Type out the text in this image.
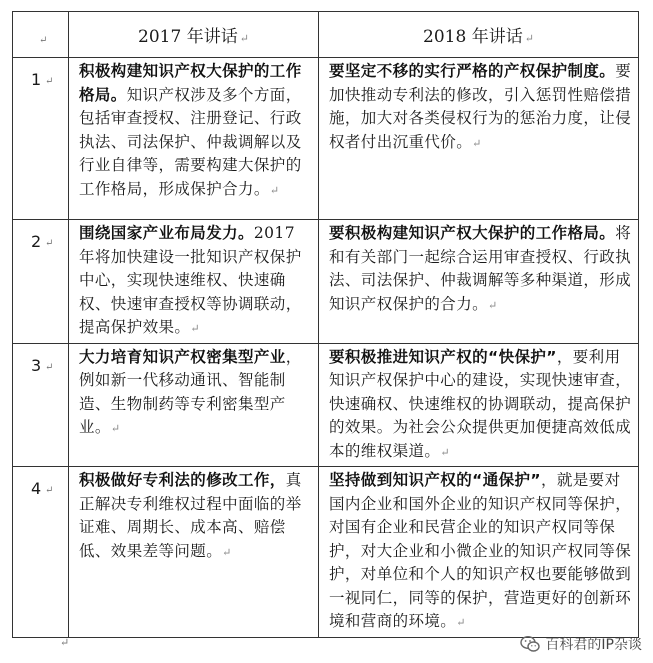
↵	2017 年讲话 ↵	2018 年讲话 ↵

1 ↵	积极构建知识产权大保护的工作格局。知识产权涉及多个方面，包括审查授权、注册登记、行政执法、司法保护、仲裁调解以及行业自律等，需要构建大保护的工作格局，形成保护合力。↵	要坚定不移的实行严格的产权保护制度。要加快推动专利法的修改，引入惩罚性赔偿措施，加大对各类侵权行为的惩治力度，让侵权者付出沉重代价。↵

2 ↵	围绕国家产业布局发力。2017 年将加快建设一批知识产权保护中心，实现快速维权、快速确权、快速审查授权等协调联动，提高保护效果。↵	要积极构建知识产权大保护的工作格局。将和有关部门一起综合运用审查授权、行政执法、司法保护、仲裁调解等多种渠道，形成知识产权保护的合力。↵

3 ↵	大力培育知识产权密集型产业，例如新一代移动通讯、智能制造、生物制药等专利密集型产业。↵	要积极推进知识产权的“快保护”，要利用知识产权保护中心的建设，实现快速审查，快速确权、快速维权的协调联动，提高保护的效果。为社会公众提供更加便捷高效低成本的维权渠道。↵

4 ↵	积极做好专利法的修改工作，真正解决专利维权过程中面临的举证难、周期长、成本高、赔偿低、效果差等问题。↵	坚持做到知识产权的“通保护”，就是要对国内企业和国外企业的知识产权同等保护，对国有企业和民营企业的知识产权同等保护，对大企业和小微企业的知识产权同等保护，对单位和个人的知识产权也要能够做到一视同仁，同等的保护，营造更好的创新环境和营商的环境。↵
↵	百科君的IP杂谈
